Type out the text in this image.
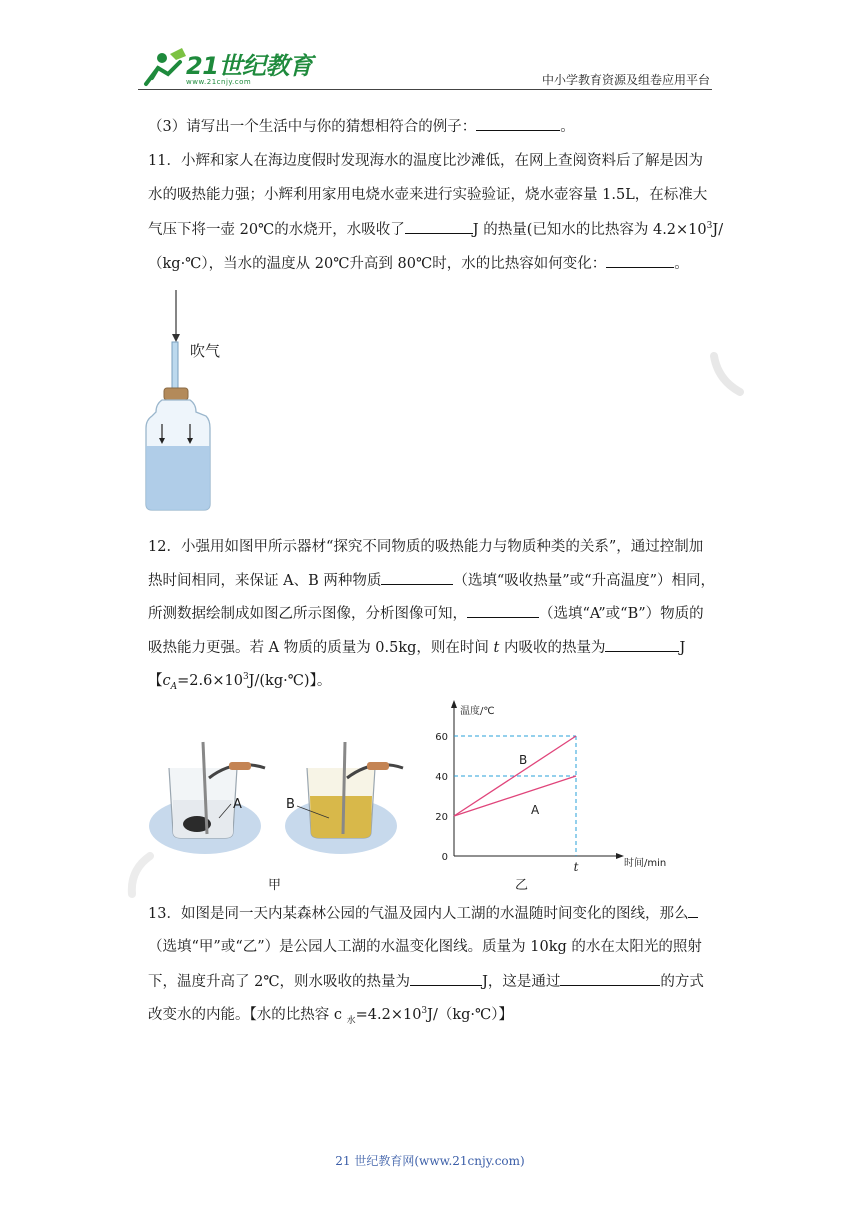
21世纪教育
www.21cnjy.com	中小学教育资源及组卷应用平台
（3）请写出一个生活中与你的猜想相符合的例子：	。
11．小辉和家人在海边度假时发现海水的温度比沙滩低，在网上查阅资料后了解是因为
水的吸热能力强；小辉利用家用电烧水壶来进行实验验证，烧水壶容量 1.5L，在标准大
气压下将一壶 20℃的水烧开，水吸收了	J 的热量(已知水的比热容为 $4.2\times 10^3J/$
（kg·℃），当水的温度从 20℃升高到 80℃时，水的比热容如何变化：	。
吹气
12．小强用如图甲所示器材“探究不同物质的吸热能力与物质种类的关系”，通过控制加
热时间相同，来保证 A、B 两种物质	（选填“吸收热量”或“升高温度”）相同，
所测数据绘制成如图乙所示图像，分析图像可知，	（选填“A”或“B”）物质的
吸热能力更强。若 A 物质的质量为 0.5kg，则在时间 t 内吸收的热量为	J
【$c_A=2.6\times 10^3J/(kg\cdot℃)$】。
A	B
甲	乙
20
40
60
0
B
A
温度/℃
时间/min
t
13．如图是同一天内某森林公园的气温及园内人工湖的水温随时间变化的图线，那么
（选填“甲”或“乙”）是公园人工湖的水温变化图线。质量为 10kg 的水在太阳光的照射
下，温度升高了 2℃，则水吸收的热量为	J，这是通过	的方式
改变水的内能。【水的比热容 c $_水=4.2\times 10^3J/(kg\cdot℃)$】
21 世纪教育网(www.21cnjy.com)
